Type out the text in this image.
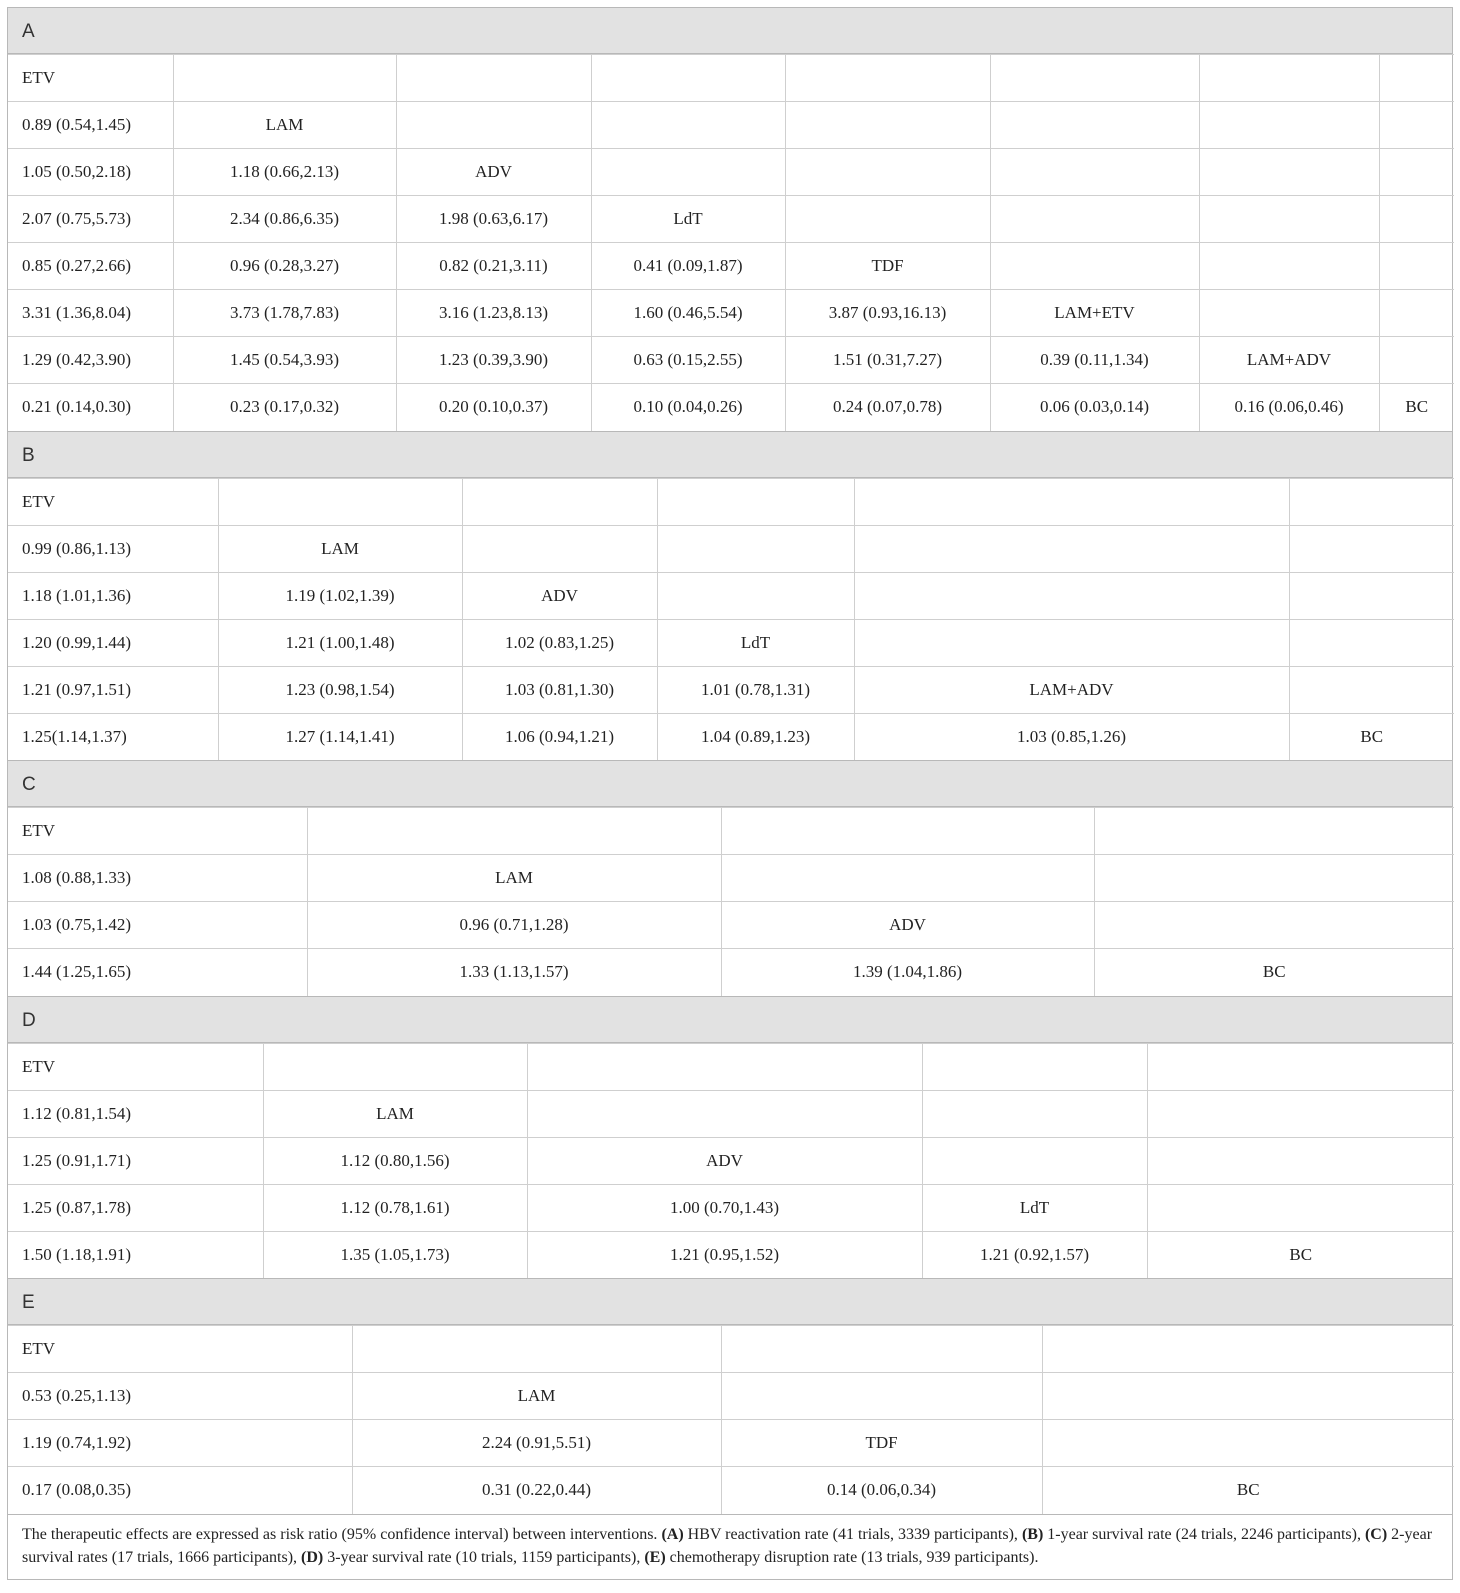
A
ETV							
0.89 (0.54,1.45)	LAM						
1.05 (0.50,2.18)	1.18 (0.66,2.13)	ADV					
2.07 (0.75,5.73)	2.34 (0.86,6.35)	1.98 (0.63,6.17)	LdT				
0.85 (0.27,2.66)	0.96 (0.28,3.27)	0.82 (0.21,3.11)	0.41 (0.09,1.87)	TDF			
3.31 (1.36,8.04)	3.73 (1.78,7.83)	3.16 (1.23,8.13)	1.60 (0.46,5.54)	3.87 (0.93,16.13)	LAM+ETV		
1.29 (0.42,3.90)	1.45 (0.54,3.93)	1.23 (0.39,3.90)	0.63 (0.15,2.55)	1.51 (0.31,7.27)	0.39 (0.11,1.34)	LAM+ADV	
0.21 (0.14,0.30)	0.23 (0.17,0.32)	0.20 (0.10,0.37)	0.10 (0.04,0.26)	0.24 (0.07,0.78)	0.06 (0.03,0.14)	0.16 (0.06,0.46)	BC
B
ETV					
0.99 (0.86,1.13)	LAM				
1.18 (1.01,1.36)	1.19 (1.02,1.39)	ADV			
1.20 (0.99,1.44)	1.21 (1.00,1.48)	1.02 (0.83,1.25)	LdT		
1.21 (0.97,1.51)	1.23 (0.98,1.54)	1.03 (0.81,1.30)	1.01 (0.78,1.31)	LAM+ADV	
1.25(1.14,1.37)	1.27 (1.14,1.41)	1.06 (0.94,1.21)	1.04 (0.89,1.23)	1.03 (0.85,1.26)	BC
C
ETV			
1.08 (0.88,1.33)	LAM		
1.03 (0.75,1.42)	0.96 (0.71,1.28)	ADV	
1.44 (1.25,1.65)	1.33 (1.13,1.57)	1.39 (1.04,1.86)	BC
D
ETV				
1.12 (0.81,1.54)	LAM			
1.25 (0.91,1.71)	1.12 (0.80,1.56)	ADV		
1.25 (0.87,1.78)	1.12 (0.78,1.61)	1.00 (0.70,1.43)	LdT	
1.50 (1.18,1.91)	1.35 (1.05,1.73)	1.21 (0.95,1.52)	1.21 (0.92,1.57)	BC
E
ETV			
0.53 (0.25,1.13)	LAM		
1.19 (0.74,1.92)	2.24 (0.91,5.51)	TDF	
0.17 (0.08,0.35)	0.31 (0.22,0.44)	0.14 (0.06,0.34)	BC
The therapeutic effects are expressed as risk ratio (95% confidence interval) between interventions. (A) HBV reactivation rate (41 trials, 3339 participants), (B) 1-year survival rate (24 trials, 2246 participants), (C) 2-year survival rates (17 trials, 1666 participants), (D) 3-year survival rate (10 trials, 1159 participants), (E) chemotherapy disruption rate (13 trials, 939 participants).
